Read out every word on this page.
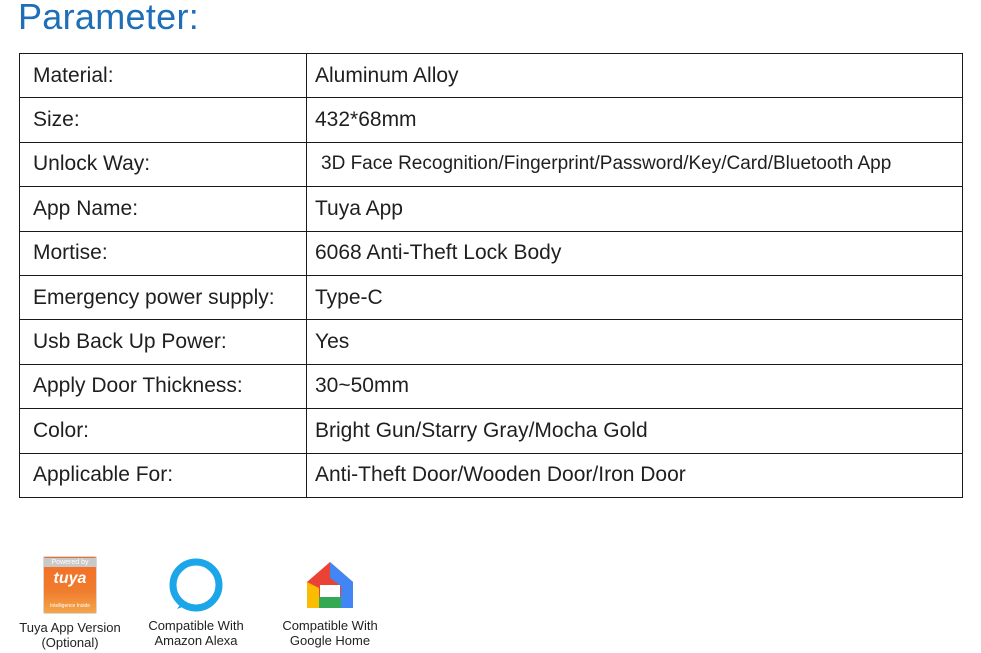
Parameter:
Material:	Aluminum Alloy
Size:	432*68mm
Unlock Way:	3D Face Recognition/Fingerprint/Password/Key/Card/Bluetooth App
App Name:	Tuya App
Mortise:	6068 Anti-Theft Lock Body
Emergency power supply:	Type-C
Usb Back Up Power:	Yes
Apply Door Thickness:	30~50mm
Color:	Bright Gun/Starry Gray/Mocha Gold
Applicable For:	Anti-Theft Door/Wooden Door/Iron Door
Powered by
tuya
Intelligence Inside
Tuya App Version
(Optional)
Compatible With
Amazon Alexa
Compatible With
Google Home
